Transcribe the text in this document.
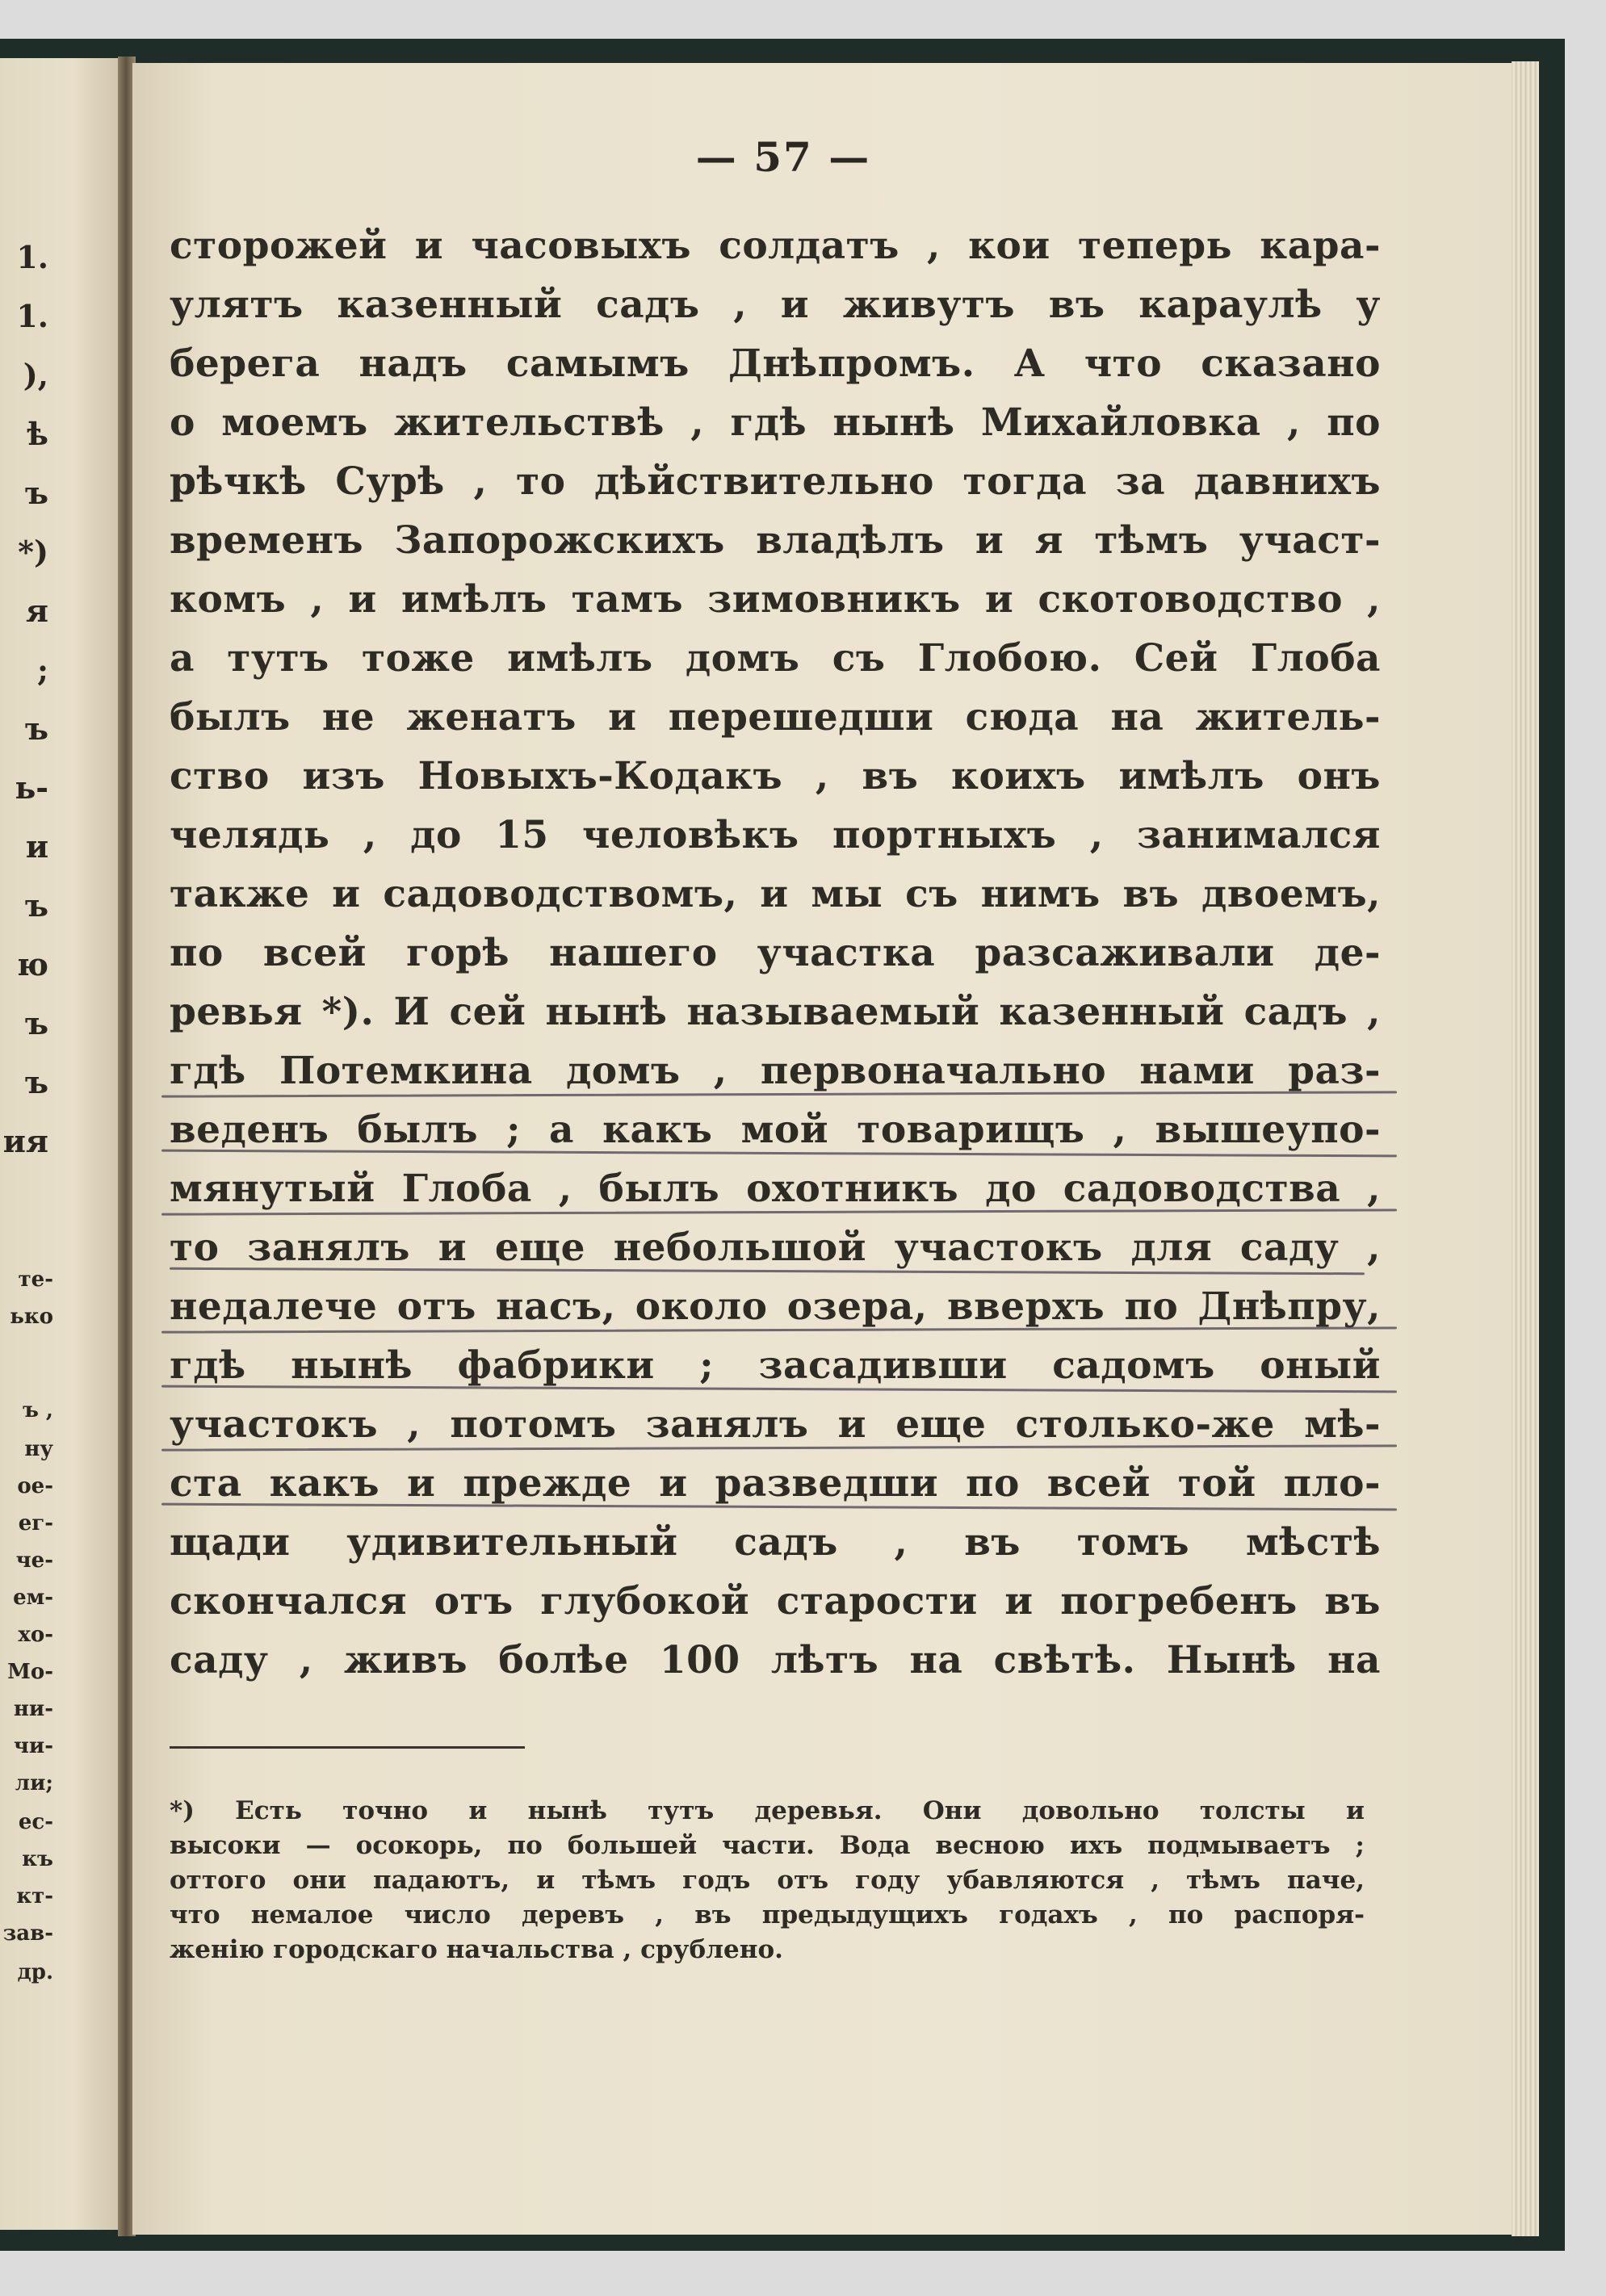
1.
1.
),
ѣ
ъ
*)
я
;
ъ
ь-
и
ъ
ю
ъ
ъ
ия
те-
ько
ъ ,
ну
ое-
ег-
че-
ем-
хо-
Мо-
ни-
чи-
ли;
ес-
къ
кт-
зав-
др.
— 57 —
сторожей и часовыхъ солдатъ , кои теперь кара-
улятъ казенный садъ , и живутъ въ караулѣ у
берега надъ самымъ Днѣпромъ. А что сказано
о моемъ жительствѣ , гдѣ нынѣ Михайловка , по
рѣчкѣ Сурѣ , то дѣйствительно тогда за давнихъ
временъ Запорожскихъ владѣлъ и я тѣмъ участ-
комъ , и имѣлъ тамъ зимовникъ и скотоводство ,
а тутъ тоже имѣлъ домъ съ Глобою. Сей Глоба
былъ не женатъ и перешедши сюда на житель-
ство изъ Новыхъ-Кодакъ , въ коихъ имѣлъ онъ
челядь , до 15 человѣкъ портныхъ , занимался
также и садоводствомъ, и мы съ нимъ въ двоемъ,
по всей горѣ нашего участка разсаживали де-
ревья *). И сей нынѣ называемый казенный садъ ,
гдѣ Потемкина домъ , первоначально нами раз-
веденъ былъ ; а какъ мой товарищъ , вышеупо-
мянутый Глоба , былъ охотникъ до садоводства ,
то занялъ и еще небольшой участокъ для саду ,
недалече отъ насъ, около озера, вверхъ по Днѣпру,
гдѣ нынѣ фабрики ; засадивши садомъ оный
участокъ , потомъ занялъ и еще столько-же мѣ-
ста какъ и прежде и разведши по всей той пло-
щади удивительный садъ , въ томъ мѣстѣ
скончался отъ глубокой старости и погребенъ въ
саду , живъ болѣе 100 лѣтъ на свѣтѣ. Нынѣ на
*) Есть точно и нынѣ тутъ деревья. Они довольно толсты и
высоки — осокорь, по большей части. Вода весною ихъ подмываетъ ;
оттого они падаютъ, и тѣмъ годъ отъ году убавляются , тѣмъ паче,
что немалое число деревъ , въ предыдущихъ годахъ , по распоря-
женію городскаго начальства , срублено.
